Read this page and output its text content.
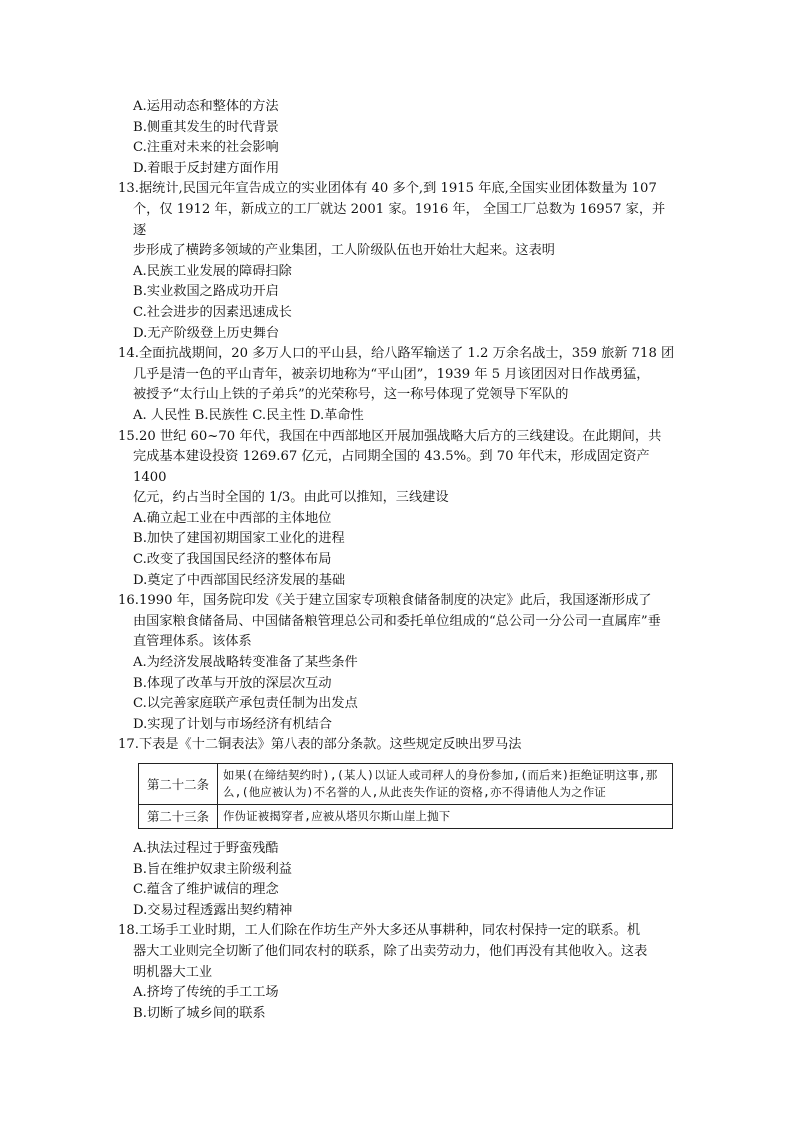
A.运用动态和整体的方法
B.侧重其发生的时代背景
C.注重对未来的社会影响
D.着眼于反封建方面作用
13.据统计,民国元年宣告成立的实业团体有 40 多个,到 1915 年底,全国实业团体数量为 107
个，仅 1912 年，新成立的工厂就达 2001 家。1916 年， 全国工厂总数为 16957 家，并逐
步形成了横跨多领域的产业集团，工人阶级队伍也开始壮大起来。这表明
A.民族工业发展的障碍扫除
B.实业救国之路成功开启
C.社会进步的因素迅速成长
D.无产阶级登上历史舞台
14.全面抗战期间，20 多万人口的平山县，给八路军输送了 1.2 万余名战士，359 旅新 718 团
几乎是清一色的平山青年，被亲切地称为“平山团”，1939 年 5 月该团因对日作战勇猛，
被授予“太行山上铁的子弟兵”的光荣称号，这一称号体现了党领导下军队的
A. 人民性 B.民族性 C.民主性 D.革命性
15.20 世纪 60~70 年代，我国在中西部地区开展加强战略大后方的三线建设。在此期间，共
完成基本建设投资 1269.67 亿元，占同期全国的 43.5%。到 70 年代末，形成固定资产 1400
亿元，约占当时全国的 1/3。由此可以推知，三线建设
A.确立起工业在中西部的主体地位
B.加快了建国初期国家工业化的进程
C.改变了我国国民经济的整体布局
D.奠定了中西部国民经济发展的基础
16.1990 年，国务院印发《关于建立国家专项粮食储备制度的决定》此后，我国逐渐形成了
由国家粮食储备局、中国储备粮管理总公司和委托单位组成的“总公司一分公司一直属库”垂
直管理体系。该体系
A.为经济发展战略转变准备了某些条件
B.体现了改革与开放的深层次互动
C.以完善家庭联产承包责任制为出发点
D.实现了计划与市场经济有机结合
17.下表是《十二铜表法》第八表的部分条款。这些规定反映出罗马法
第二十二条	如果(在缔结契约时),(某人)以证人或司秤人的身份参加,(而后来)拒绝证明这事,那么,(他应被认为)不名誉的人,从此丧失作证的资格,亦不得请他人为之作证
第二十三条	作伪证被揭穿者,应被从塔贝尔斯山崖上抛下
A.执法过程过于野蛮残酷
B.旨在维护奴隶主阶级利益
C.蕴含了维护诚信的理念
D.交易过程透露出契约精神
18.工场手工业时期，工人们除在作坊生产外大多还从事耕种，同农村保持一定的联系。机
器大工业则完全切断了他们同农村的联系，除了出卖劳动力，他们再没有其他收入。这表
明机器大工业
A.挤垮了传统的手工工场
B.切断了城乡间的联系
